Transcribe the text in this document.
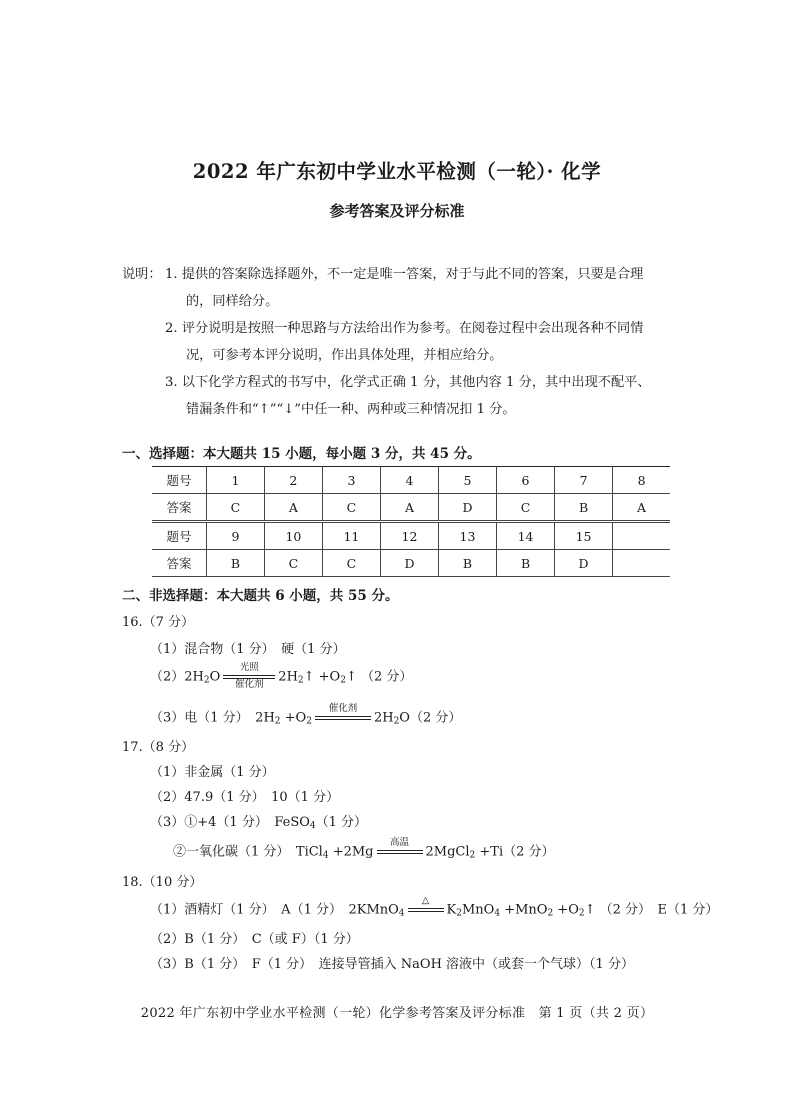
2022 年广东初中学业水平检测（一轮）· 化学
参考答案及评分标准
说明： 1. 提供的答案除选择题外，不一定是唯一答案，对于与此不同的答案，只要是合理
的，同样给分。
2. 评分说明是按照一种思路与方法给出作为参考。在阅卷过程中会出现各种不同情
况，可参考本评分说明，作出具体处理，并相应给分。
3. 以下化学方程式的书写中，化学式正确 1 分，其他内容 1 分，其中出现不配平、
错漏条件和“↑”“↓”中任一种、两种或三种情况扣 1 分。
一、选择题：本大题共 15 小题，每小题 3 分，共 45 分。
题号	1	2	3	4	5	6	7	8
答案	C	A	C	A	D	C	B	A
题号	9	10	11	12	13	14	15	
答案	B	C	C	D	B	B	D	
二、非选择题：本大题共 6 小题，共 55 分。
16.（7 分）
（1）混合物（1 分）　硬（1 分）
$(2)2H_2O$
光照
催化剂	$2H_2↑$ $+O_2↑$ （2 分）
（3）电（1 分）　$2H_2 +O_2$
催化剂
$2H_2O(2$ 分）
17.（8 分）
（1）非金属（1 分）
（2）47.9（1 分）　10（1 分）
（3）①+4（1 分）　FeSO$_4$（1 分）
②一氧化碳（1 分）　TiCl$_4$ +2Mg
高温
2MgCl$_2$ +Ti（2 分）
18.（10 分）
（1）酒精灯（1 分）　A（1 分）　2KMnO$_4$
△
$K_2MnO_4 +MnO_2$ $+O_2↑$ （2 分）　E（1 分）
（2）B（1 分）　C（或 F）（1 分）
（3）B（1 分）　F（1 分）　连接导管插入 NaOH 溶液中（或套一个气球）（1 分）
2022 年广东初中学业水平检测（一轮）化学参考答案及评分标准　第 1 页（共 2 页）
